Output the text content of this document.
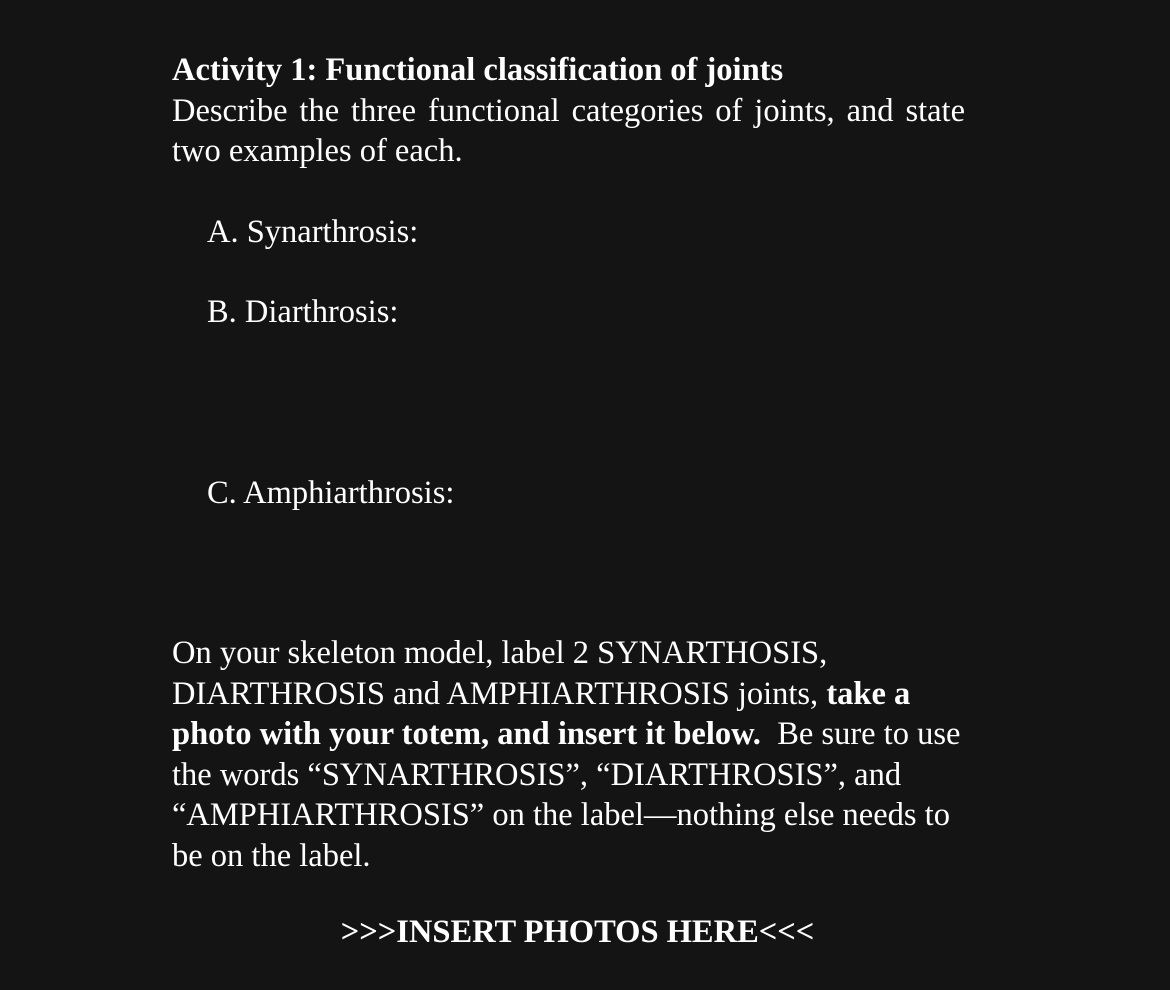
Activity 1: Functional classification of joints

Describe the three functional categories of joints, and state two examples of each.

A. Synarthrosis:

B. Diarthrosis:

C. Amphiarthrosis:

On your skeleton model, label 2 SYNARTHOSIS, DIARTHROSIS and AMPHIARTHROSIS joints, take a photo with your totem, and insert it below.  Be sure to use the words “SYNARTHROSIS”, “DIARTHROSIS”, and “AMPHIARTHROSIS” on the label—nothing else needs to be on the label.

>>>INSERT PHOTOS HERE<<<
